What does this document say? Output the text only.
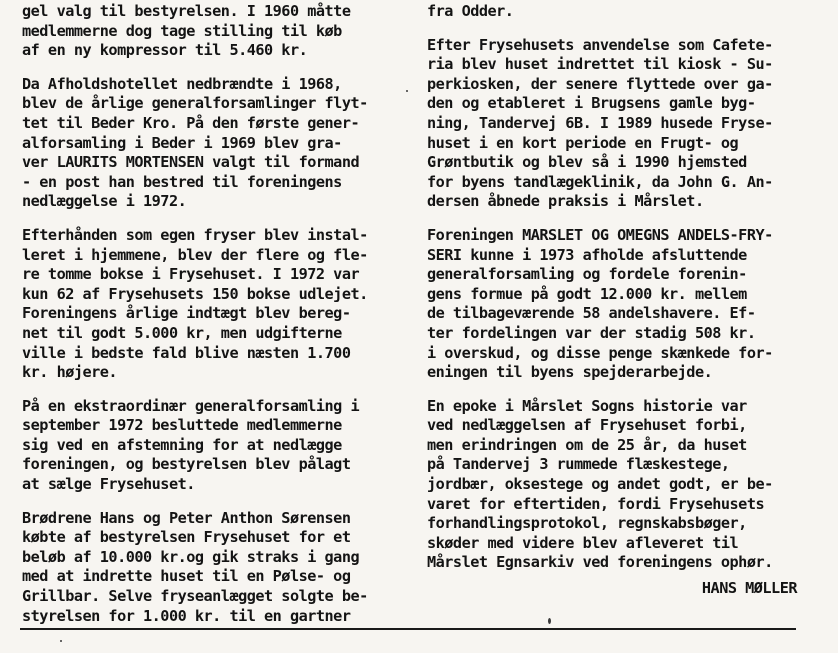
gel valg til bestyrelsen. I 1960 måtte
medlemmerne dog tage stilling til køb
af en ny kompressor til 5.460 kr.
Da Afholdshotellet nedbrændte i 1968,
blev de årlige generalforsamlinger flyt-
tet til Beder Kro. På den første gener-
alforsamling i Beder i 1969 blev gra-
ver LAURITS MORTENSEN valgt til formand
- en post han bestred til foreningens
nedlæggelse i 1972.
Efterhånden som egen fryser blev instal-
leret i hjemmene, blev der flere og fle-
re tomme bokse i Frysehuset. I 1972 var
kun 62 af Frysehusets 150 bokse udlejet.
Foreningens årlige indtægt blev bereg-
net til godt 5.000 kr, men udgifterne
ville i bedste fald blive næsten 1.700
kr. højere.
På en ekstraordinær generalforsamling i
september 1972 besluttede medlemmerne
sig ved en afstemning for at nedlægge
foreningen, og bestyrelsen blev pålagt
at sælge Frysehuset.
Brødrene Hans og Peter Anthon Sørensen
købte af bestyrelsen Frysehuset for et
beløb af 10.000 kr.og gik straks i gang
med at indrette huset til en Pølse- og
Grillbar. Selve fryseanlægget solgte be-
styrelsen for 1.000 kr. til en gartner
fra Odder.
Efter Frysehusets anvendelse som Cafete-
ria blev huset indrettet til kiosk - Su-
perkiosken, der senere flyttede over ga-
den og etableret i Brugsens gamle byg-
ning, Tandervej 6B. I 1989 husede Fryse-
huset i en kort periode en Frugt- og
Grøntbutik og blev så i 1990 hjemsted
for byens tandlægeklinik, da John G. An-
dersen åbnede praksis i Mårslet.
Foreningen MARSLET OG OMEGNS ANDELS-FRY-
SERI kunne i 1973 afholde afsluttende
generalforsamling og fordele forenin-
gens formue på godt 12.000 kr. mellem
de tilbageværende 58 andelshavere. Ef-
ter fordelingen var der stadig 508 kr.
i overskud, og disse penge skænkede for-
eningen til byens spejderarbejde.
En epoke i Mårslet Sogns historie var
ved nedlæggelsen af Frysehuset forbi,
men erindringen om de 25 år, da huset
på Tandervej 3 rummede flæskestege,
jordbær, oksestege og andet godt, er be-
varet for eftertiden, fordi Frysehusets
forhandlingsprotokol, regnskabsbøger,
skøder med videre blev afleveret til
Mårslet Egnsarkiv ved foreningens ophør.
HANS MØLLER
